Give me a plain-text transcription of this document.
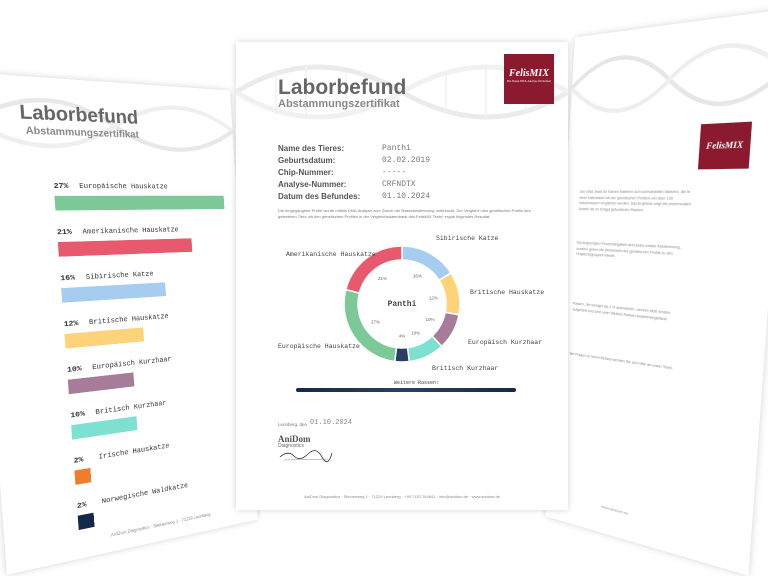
Laborbefund
Abstammungszertifikat
27% Europäische Hauskatze
21% Amerikanische Hauskatze
16% Sibirische Katze
12% Britische Hauskatze
10% Europäisch Kurzhaar
10% Britisch Kurzhaar
2% Irische Hauskatze
2%
Norwegische Waldkatze
AniDom Diagnostics · Steinenweg 1 · 71229 Leonberg
FelisMIX
Der DNA-Tests für Katzen basieren auf hochvariablen Markern, die in einer Datenbank mit den genetischen Profilen von über 100 Katzenrassen verglichen werden. Das Ergebnis zeigt die prozentualen Anteile der im Erbgut gefundenen Rassen.
Die angezeigten Prozentangaben sind keine exakte Abstammung, sondern geben die Ähnlichkeit des genetischen Profils zu den Vergleichsgruppen wieder.
Rassen, die weniger als 2 % ausmachen, werden nicht einzeln aufgeführt und sind unter Weitere Rassen zusammengefasst.
Bei Fragen zu Ihrem Befund wenden Sie sich bitte an unser Team.
www.anidom.de
Laborbefund
Abstammungszertifikat
FelisMIX
Die Rasse-DNA-Analyse für Katzen
Name des Tieres:	Panthi
Geburtsdatum:	02.02.2019
Chip-Nummer:	-----
Analyse-Nummer:	CRFNDTX
Datum des Befundes:	01.10.2024
Die eingegangene Probe wurde mittels DNA-Analyse zum Zweck der Rassebestimmung untersucht. Der Vergleich des genetischen Profils des getesteten Tiers mit den genetischen Profilen in der Vergleichsdatenbank des FelisMIX Tests* ergab folgendes Resultat:
16%
Sibirische Katze
12%
Britische Hauskatze
10%
Europäisch Kurzhaar
10%
Britisch Kurzhaar
4%
27%
Europäische Hauskatze
21%
Amerikanische Hauskatze
Panthi
Weitere Rassen:
Leonberg, den 01.10.2024
AniDom
Diagnostics
AniDom Diagnostics · Steinenweg 1 · 71229 Leonberg · +49 7152 764641 · info@anidom.de · www.anidom.de
